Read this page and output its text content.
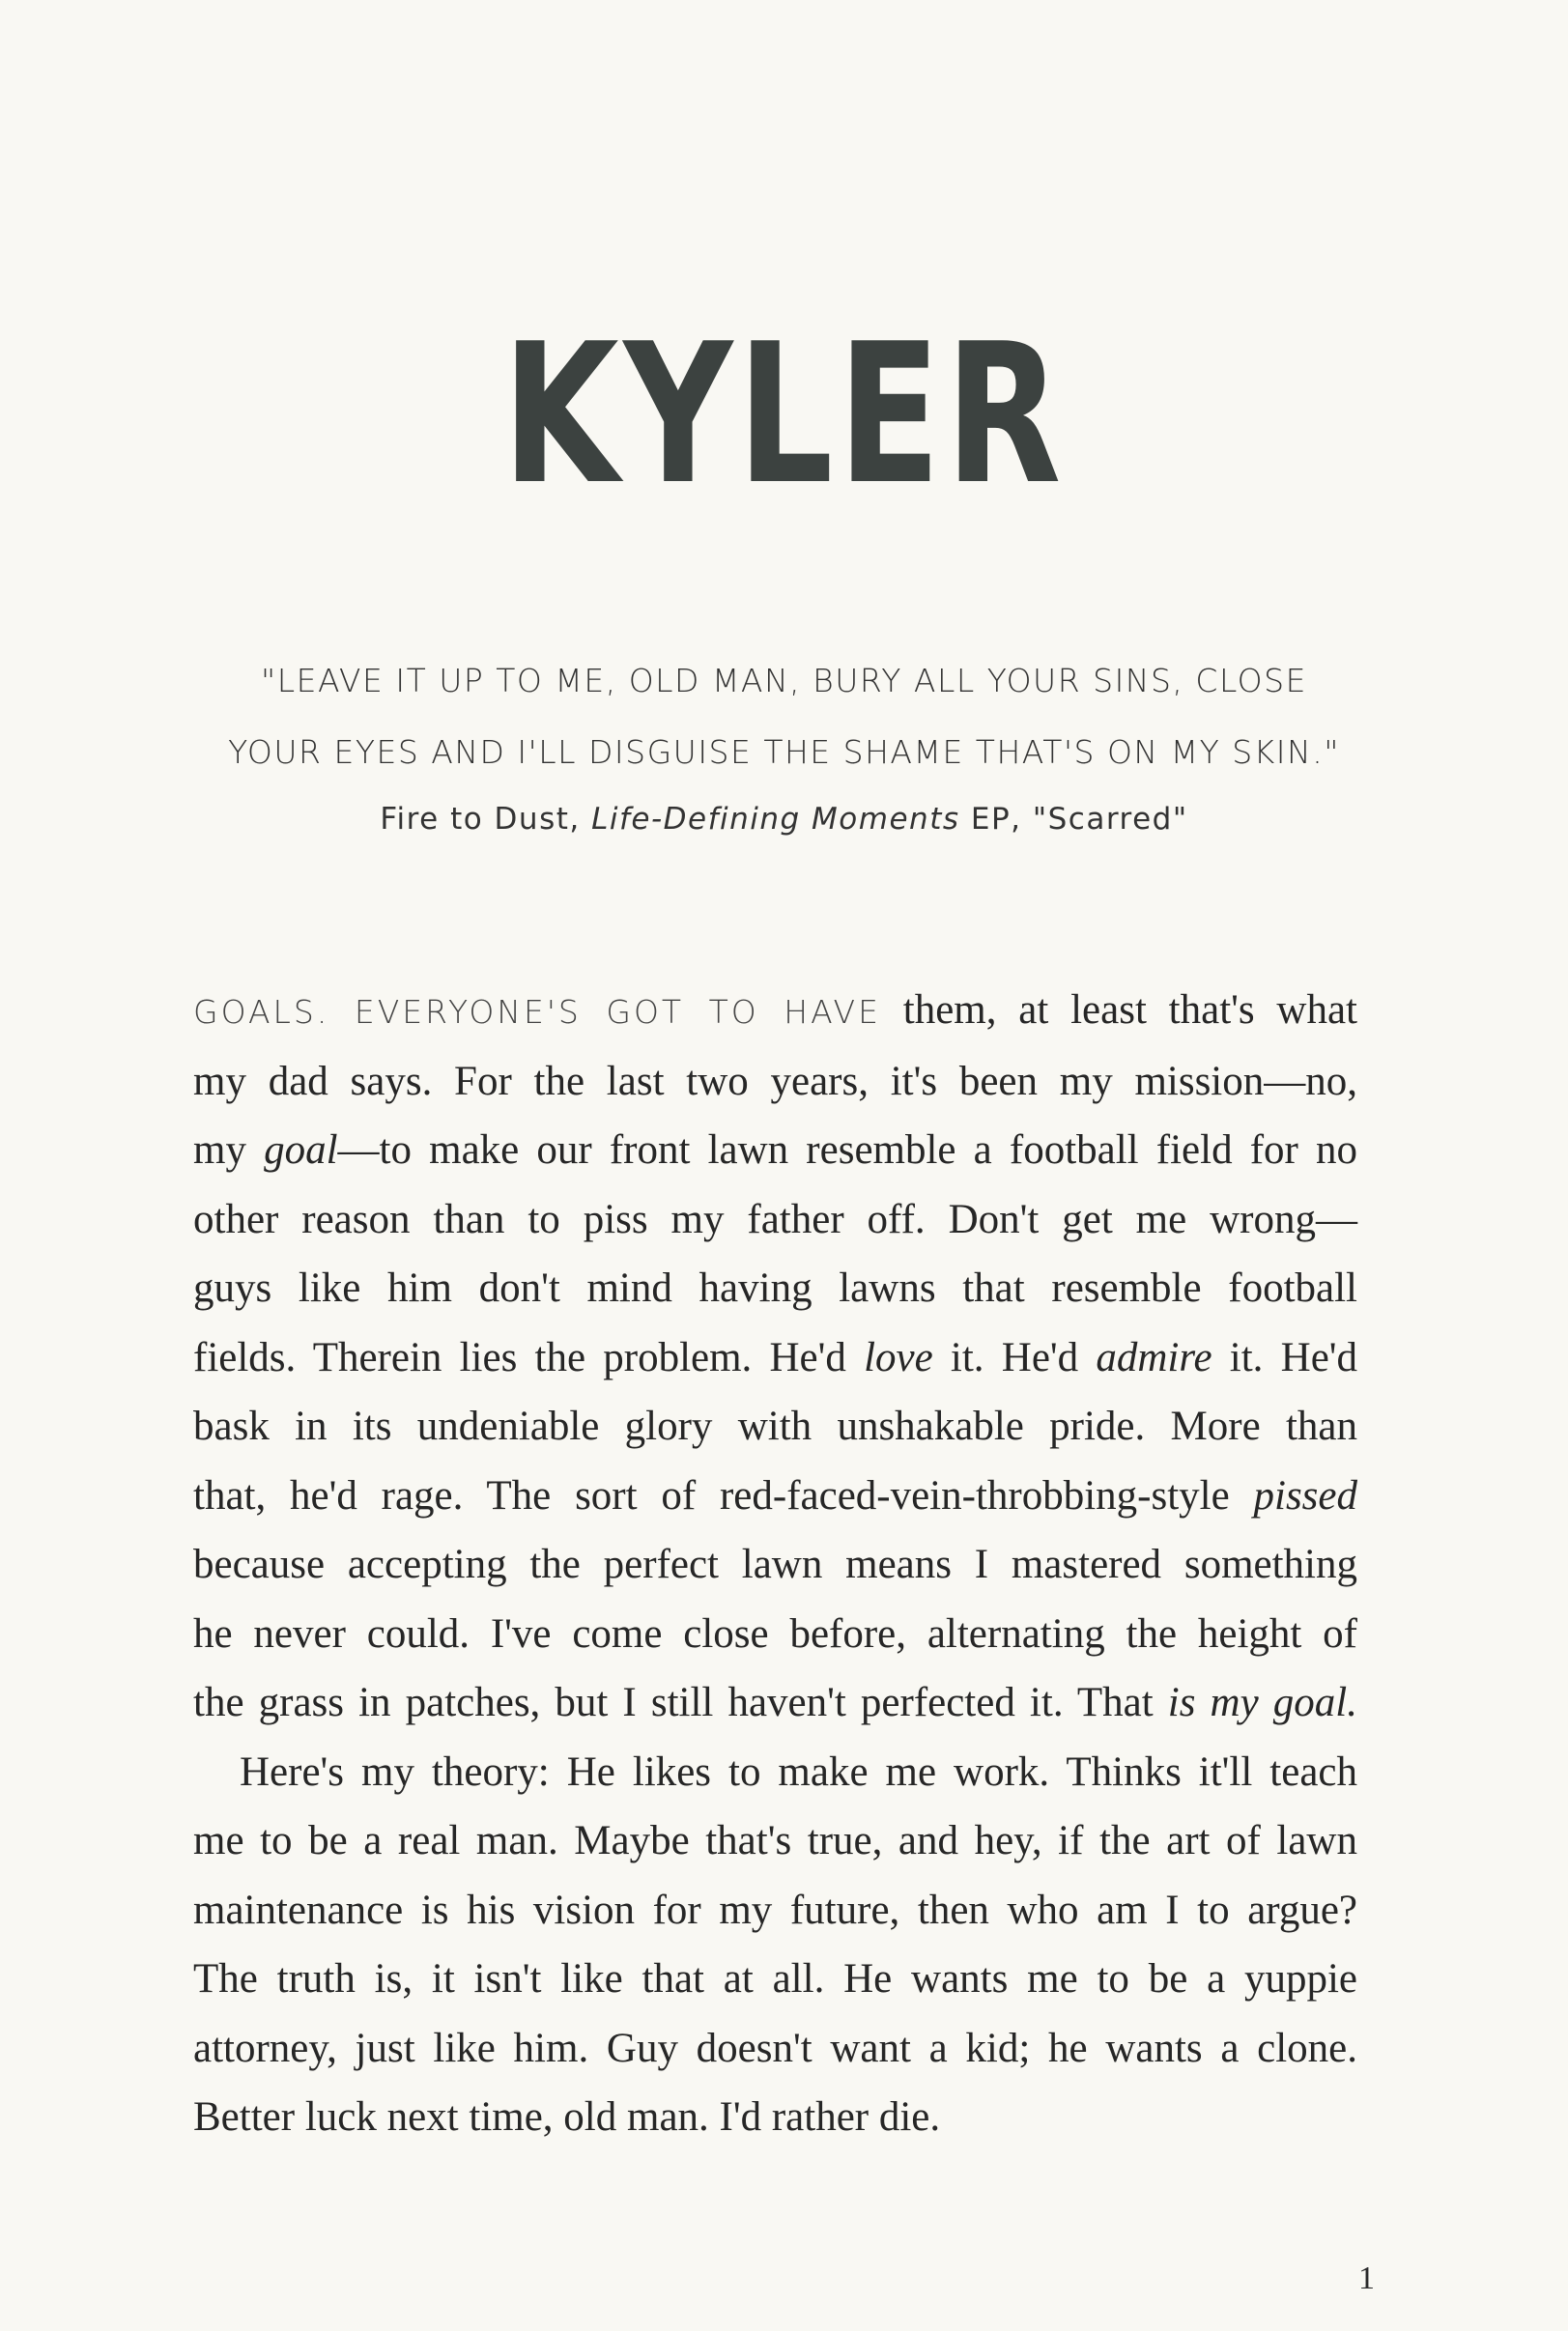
KYLER
"LEAVE IT UP TO ME, OLD MAN, BURY ALL YOUR SINS, CLOSE
YOUR EYES AND I'LL DISGUISE THE SHAME THAT'S ON MY SKIN."
Fire to Dust, Life-Defining Moments EP, "Scarred"
GOALS. EVERYONE'S GOT TO HAVE them, at least that's what
my dad says. For the last two years, it's been my mission—no,
my goal—to make our front lawn resemble a football field for no
other reason than to piss my father off. Don't get me wrong—
guys like him don't mind having lawns that resemble football
fields. Therein lies the problem. He'd love it. He'd admire it. He'd
bask in its undeniable glory with unshakable pride. More than
that, he'd rage. The sort of red-faced-vein-throbbing-style pissed
because accepting the perfect lawn means I mastered something
he never could. I've come close before, alternating the height of
the grass in patches, but I still haven't perfected it. That is my goal.
Here's my theory: He likes to make me work. Thinks it'll teach
me to be a real man. Maybe that's true, and hey, if the art of lawn
maintenance is his vision for my future, then who am I to argue?
The truth is, it isn't like that at all. He wants me to be a yuppie
attorney, just like him. Guy doesn't want a kid; he wants a clone.
Better luck next time, old man. I'd rather die.
1
